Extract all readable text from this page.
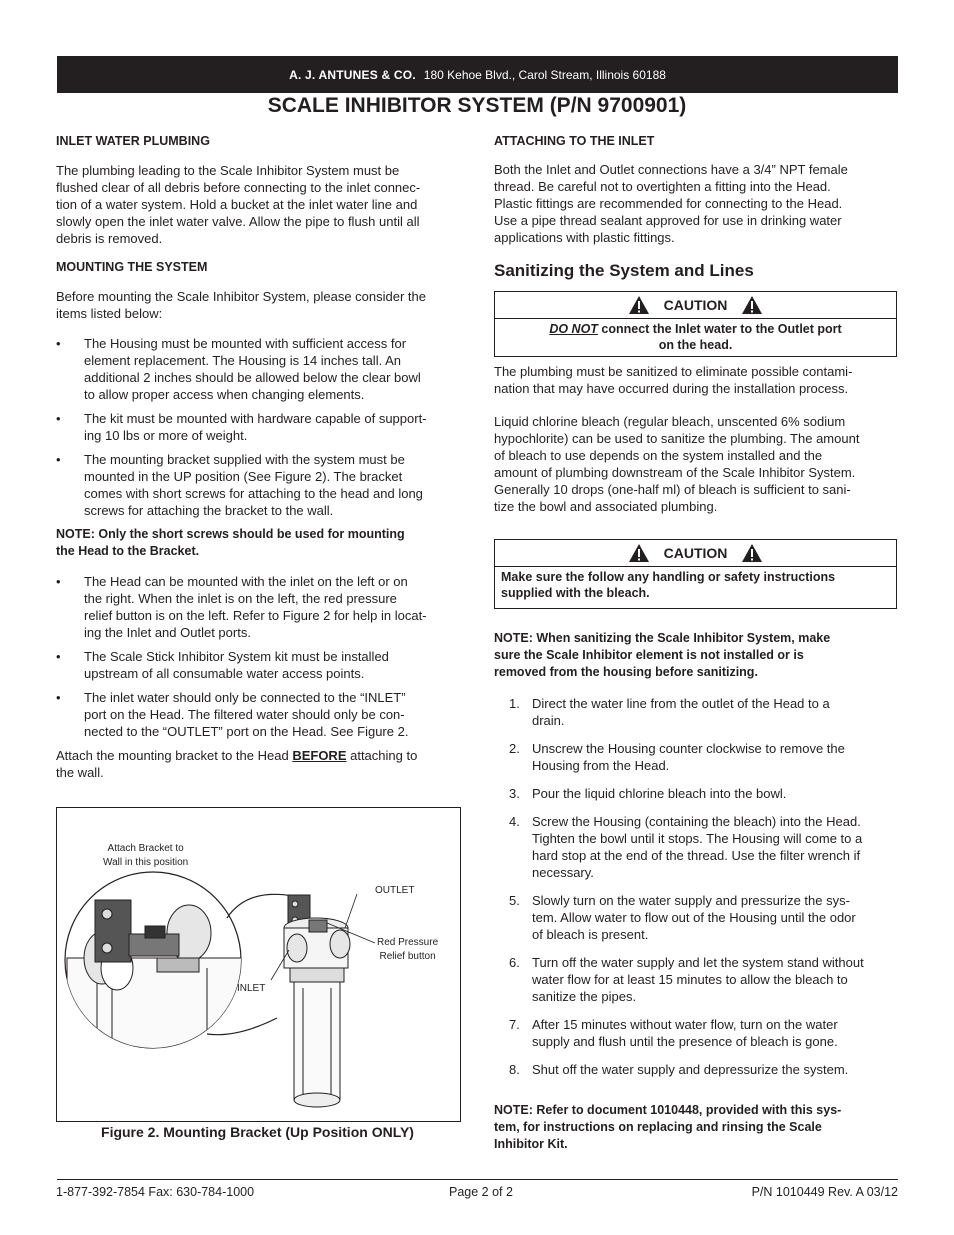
A. J. ANTUNES & CO. 180 Kehoe Blvd., Carol Stream, Illinois 60188
SCALE INHIBITOR SYSTEM (P/N 9700901)
INLET WATER PLUMBING

The plumbing leading to the Scale Inhibitor System must be

flushed clear of all debris before connecting to the inlet connec-

tion of a water system. Hold a bucket at the inlet water line and

slowly open the inlet water valve. Allow the pipe to flush until all

debris is removed.

MOUNTING THE SYSTEM

Before mounting the Scale Inhibitor System, please consider the

items listed below:

• The Housing must be mounted with sufficient access for

element replacement. The Housing is 14 inches tall. An

additional 2 inches should be allowed below the clear bowl

to allow proper access when changing elements.

• The kit must be mounted with hardware capable of support-

ing 10 lbs or more of weight.

• The mounting bracket supplied with the system must be

mounted in the UP position (See Figure 2). The bracket

comes with short screws for attaching to the head and long

screws for attaching the bracket to the wall.

NOTE: Only the short screws should be used for mounting

the Head to the Bracket.

• The Head can be mounted with the inlet on the left or on

the right. When the inlet is on the left, the red pressure

relief button is on the left. Refer to Figure 2 for help in locat-

ing the Inlet and Outlet ports.

• The Scale Stick Inhibitor System kit must be installed

upstream of all consumable water access points.

• The inlet water should only be connected to the “INLET”

port on the Head. The filtered water should only be con-

nected to the “OUTLET” port on the Head. See Figure 2.

Attach the mounting bracket to the Head BEFORE attaching to

the wall.

Attach Bracket to
Wall in this position
OUTLET
Red Pressure
Relief button
INLET
Figure 2. Mounting Bracket (Up Position ONLY)
ATTACHING TO THE INLET

Both the Inlet and Outlet connections have a 3/4” NPT female

thread. Be careful not to overtighten a fitting into the Head.

Plastic fittings are recommended for connecting to the Head.

Use a pipe thread sealant approved for use in drinking water

applications with plastic fittings.

Sanitizing the System and Lines
CAUTION

DO NOT connect the Inlet water to the Outlet port

on the head.

The plumbing must be sanitized to eliminate possible contami-

nation that may have occurred during the installation process.

Liquid chlorine bleach (regular bleach, unscented 6% sodium

hypochlorite) can be used to sanitize the plumbing. The amount

of bleach to use depends on the system installed and the

amount of plumbing downstream of the Scale Inhibitor System.

Generally 10 drops (one-half ml) of bleach is sufficient to sani-

tize the bowl and associated plumbing.

CAUTION

Make sure the follow any handling or safety instructions

supplied with the bleach.

NOTE: When sanitizing the Scale Inhibitor System, make

sure the Scale Inhibitor element is not installed or is

removed from the housing before sanitizing.

1. Direct the water line from the outlet of the Head to a

drain.

2. Unscrew the Housing counter clockwise to remove the

Housing from the Head.

3. Pour the liquid chlorine bleach into the bowl.

4. Screw the Housing (containing the bleach) into the Head.

Tighten the bowl until it stops. The Housing will come to a

hard stop at the end of the thread. Use the filter wrench if

necessary.

5. Slowly turn on the water supply and pressurize the sys-

tem. Allow water to flow out of the Housing until the odor

of bleach is present.

6. Turn off the water supply and let the system stand without

water flow for at least 15 minutes to allow the bleach to

sanitize the pipes.

7. After 15 minutes without water flow, turn on the water

supply and flush until the presence of bleach is gone.

8. Shut off the water supply and depressurize the system.

NOTE: Refer to document 1010448, provided with this sys-

tem, for instructions on replacing and rinsing the Scale

Inhibitor Kit.

1-877-392-7854 Fax: 630-784-1000	Page 2 of 2	P/N 1010449 Rev. A 03/12
